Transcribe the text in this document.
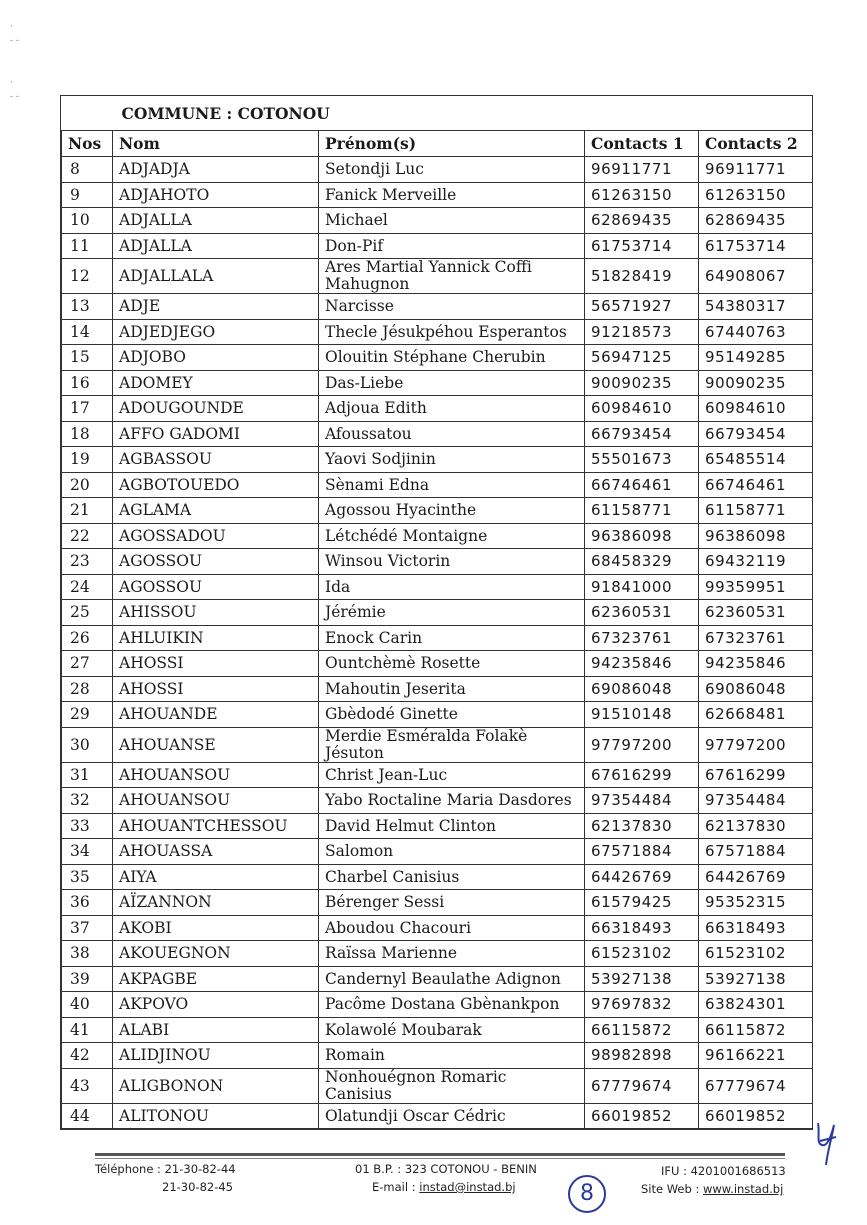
·
- -

·
- -
COMMUNE : COTONOU				
Nos	Nom	Prénom(s)	Contacts 1	Contacts 2
8	ADJADJA	Setondji Luc	96911771	96911771
9	ADJAHOTO	Fanick Merveille	61263150	61263150
10	ADJALLA	Michael	62869435	62869435
11	ADJALLA	Don-Pif	61753714	61753714
12	ADJALLALA	Ares Martial Yannick Coffi Mahugnon	51828419	64908067
13	ADJE	Narcisse	56571927	54380317
14	ADJEDJEGO	Thecle Jésukpéhou Esperantos	91218573	67440763
15	ADJOBO	Olouitin Stéphane Cherubin	56947125	95149285
16	ADOMEY	Das-Liebe	90090235	90090235
17	ADOUGOUNDE	Adjoua Edith	60984610	60984610
18	AFFO GADOMI	Afoussatou	66793454	66793454
19	AGBASSOU	Yaovi Sodjinin	55501673	65485514
20	AGBOTOUEDO	Sènami Edna	66746461	66746461
21	AGLAMA	Agossou Hyacinthe	61158771	61158771
22	AGOSSADOU	Létchédé Montaigne	96386098	96386098
23	AGOSSOU	Winsou Victorin	68458329	69432119
24	AGOSSOU	Ida	91841000	99359951
25	AHISSOU	Jérémie	62360531	62360531
26	AHLUIKIN	Enock Carin	67323761	67323761
27	AHOSSI	Ountchèmè Rosette	94235846	94235846
28	AHOSSI	Mahoutin Jeserita	69086048	69086048
29	AHOUANDE	Gbèdodé Ginette	91510148	62668481
30	AHOUANSE	Merdie Esméralda Folakè Jésuton	97797200	97797200
31	AHOUANSOU	Christ Jean-Luc	67616299	67616299
32	AHOUANSOU	Yabo Roctaline Maria Dasdores	97354484	97354484
33	AHOUANTCHESSOU	David Helmut Clinton	62137830	62137830
34	AHOUASSA	Salomon	67571884	67571884
35	AIYA	Charbel Canisius	64426769	64426769
36	AÏZANNON	Bérenger Sessi	61579425	95352315
37	AKOBI	Aboudou Chacouri	66318493	66318493
38	AKOUEGNON	Raïssa Marienne	61523102	61523102
39	AKPAGBE	Candernyl Beaulathe Adignon	53927138	53927138
40	AKPOVO	Pacôme Dostana Gbènankpon	97697832	63824301
41	ALABI	Kolawolé Moubarak	66115872	66115872
42	ALIDJINOU	Romain	98982898	96166221
43	ALIGBONON	Nonhouégnon Romaric Canisius	67779674	67779674
44	ALITONOU	Olatundji Oscar Cédric	66019852	66019852
Téléphone : 21-30-82-44
21-30-82-45
01 B.P. : 323 COTONOU - BENIN
E-mail : instad@instad.bj
IFU : 4201001686513
Site Web : www.instad.bj
8
